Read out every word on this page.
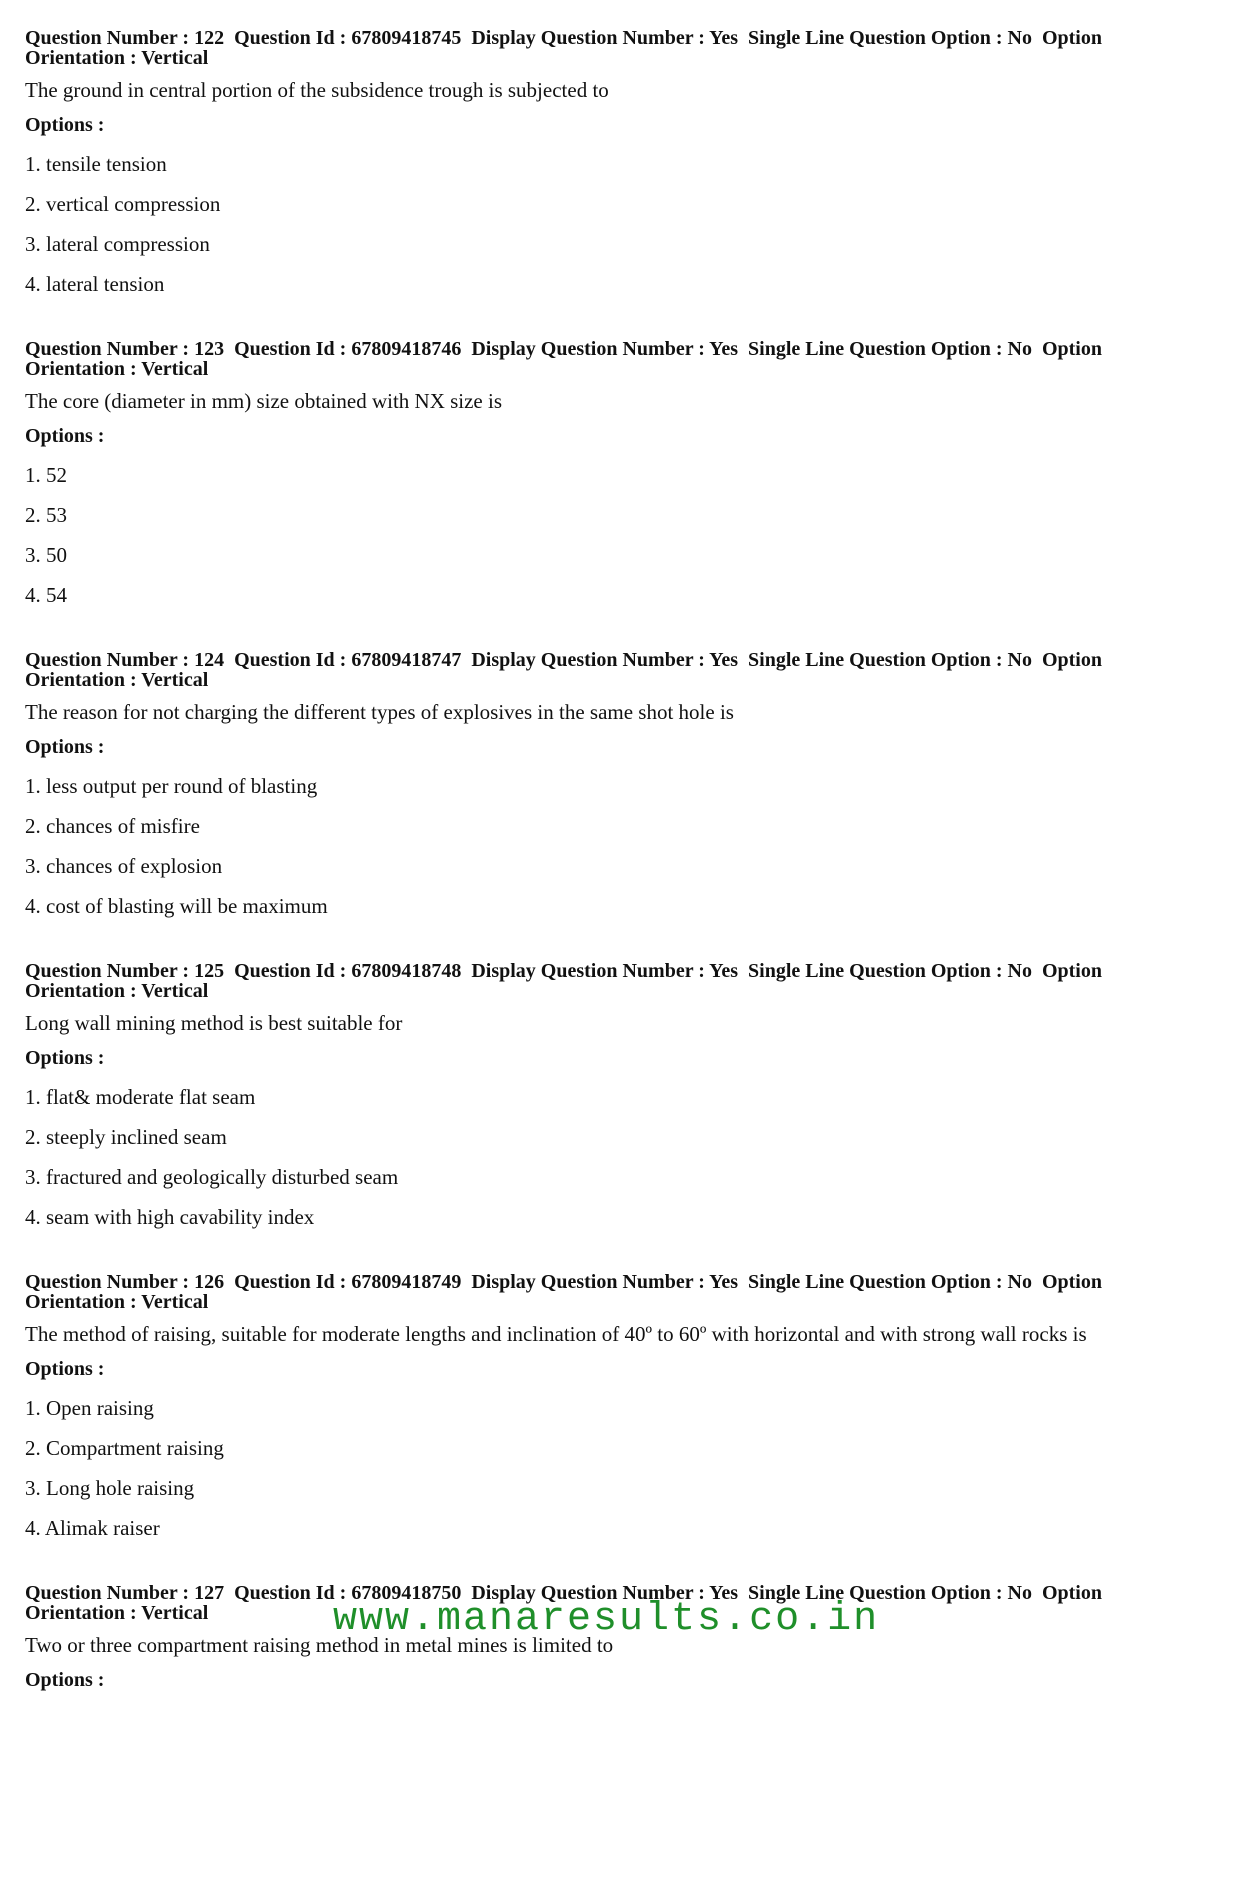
Question Number : 122  Question Id : 67809418745  Display Question Number : Yes  Single Line Question Option : No  Option Orientation : Vertical
The ground in central portion of the subsidence trough is subjected to
Options :
1. tensile tension
2. vertical compression
3. lateral compression
4. lateral tension
Question Number : 123  Question Id : 67809418746  Display Question Number : Yes  Single Line Question Option : No  Option Orientation : Vertical
The core (diameter in mm) size obtained with NX size is
Options :
1. 52
2. 53
3. 50
4. 54
Question Number : 124  Question Id : 67809418747  Display Question Number : Yes  Single Line Question Option : No  Option Orientation : Vertical
The reason for not charging the different types of explosives in the same shot hole is
Options :
1. less output per round of blasting
2. chances of misfire
3. chances of explosion
4. cost of blasting will be maximum
Question Number : 125  Question Id : 67809418748  Display Question Number : Yes  Single Line Question Option : No  Option Orientation : Vertical
Long wall mining method is best suitable for
Options :
1. flat& moderate flat seam
2. steeply inclined seam
3. fractured and geologically disturbed seam
4. seam with high cavability index
Question Number : 126  Question Id : 67809418749  Display Question Number : Yes  Single Line Question Option : No  Option Orientation : Vertical
The method of raising, suitable for moderate lengths and inclination of 40º to 60º with horizontal and with strong wall rocks is
Options :
1. Open raising
2. Compartment raising
3. Long hole raising
4. Alimak raiser
Question Number : 127  Question Id : 67809418750  Display Question Number : Yes  Single Line Question Option : No  Option Orientation : Vertical
Two or three compartment raising method in metal mines is limited to
Options :
www.manaresults.co.in
